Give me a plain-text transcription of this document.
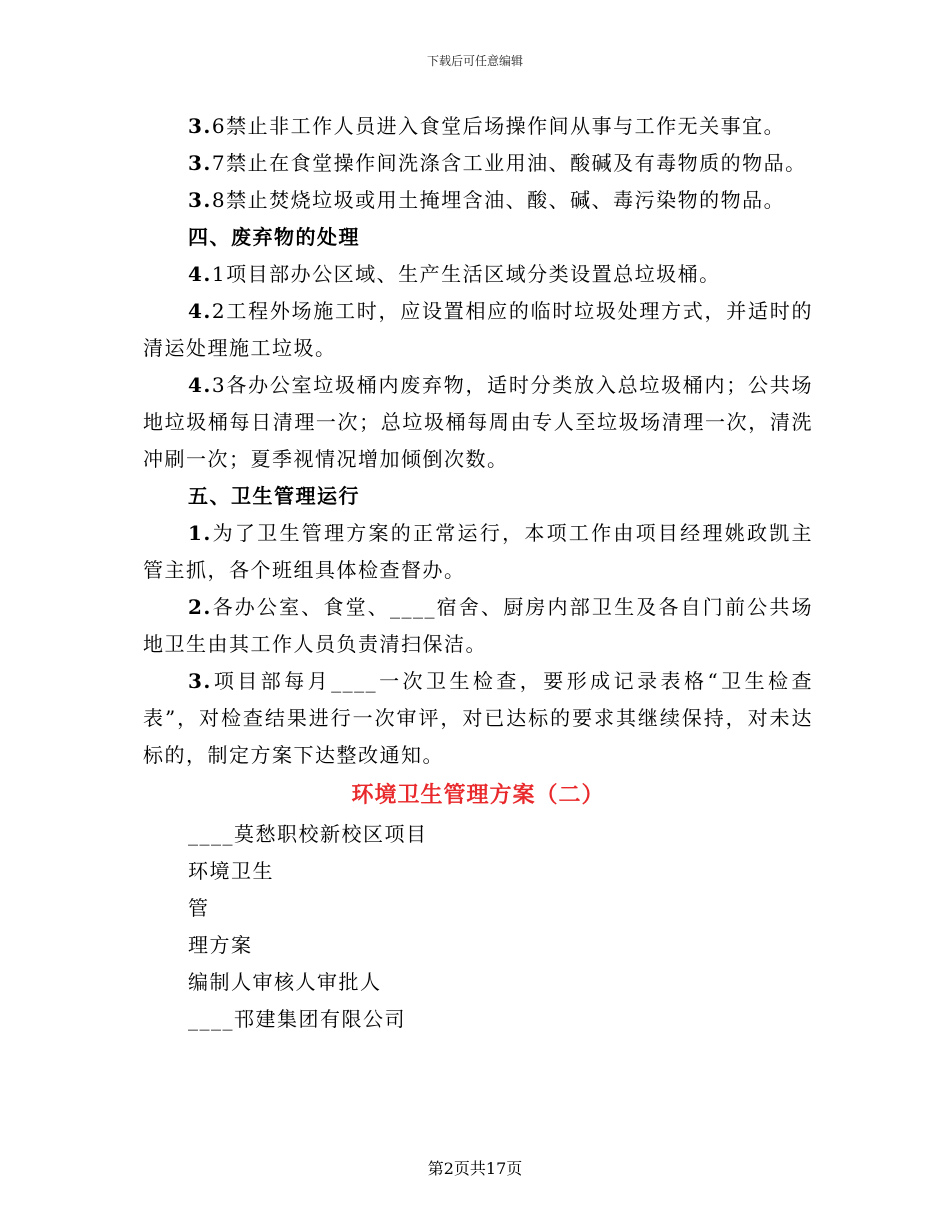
下载后可任意编辑

3.6禁止非工作人员进入食堂后场操作间从事与工作无关事宜。

3.7禁止在食堂操作间洗涤含工业用油、酸碱及有毒物质的物品。

3.8禁止焚烧垃圾或用土掩埋含油、酸、碱、毒污染物的物品。

四、废弃物的处理

4.1项目部办公区域、生产生活区域分类设置总垃圾桶。

4.2工程外场施工时，应设置相应的临时垃圾处理方式，并适时的清运处理施工垃圾。

4.3各办公室垃圾桶内废弃物，适时分类放入总垃圾桶内；公共场地垃圾桶每日清理一次；总垃圾桶每周由专人至垃圾场清理一次，清洗冲刷一次；夏季视情况增加倾倒次数。

五、卫生管理运行

1.为了卫生管理方案的正常运行，本项工作由项目经理姚政凯主管主抓，各个班组具体检查督办。

2.各办公室、食堂、____宿舍、厨房内部卫生及各自门前公共场地卫生由其工作人员负责清扫保洁。

3.项目部每月____一次卫生检查，要形成记录表格“卫生检查表”，对检查结果进行一次审评，对已达标的要求其继续保持，对未达标的，制定方案下达整改通知。

环境卫生管理方案（二）

____莫愁职校新校区项目

环境卫生

管

理方案

编制人审核人审批人

____邗建集团有限公司

第2页共17页
